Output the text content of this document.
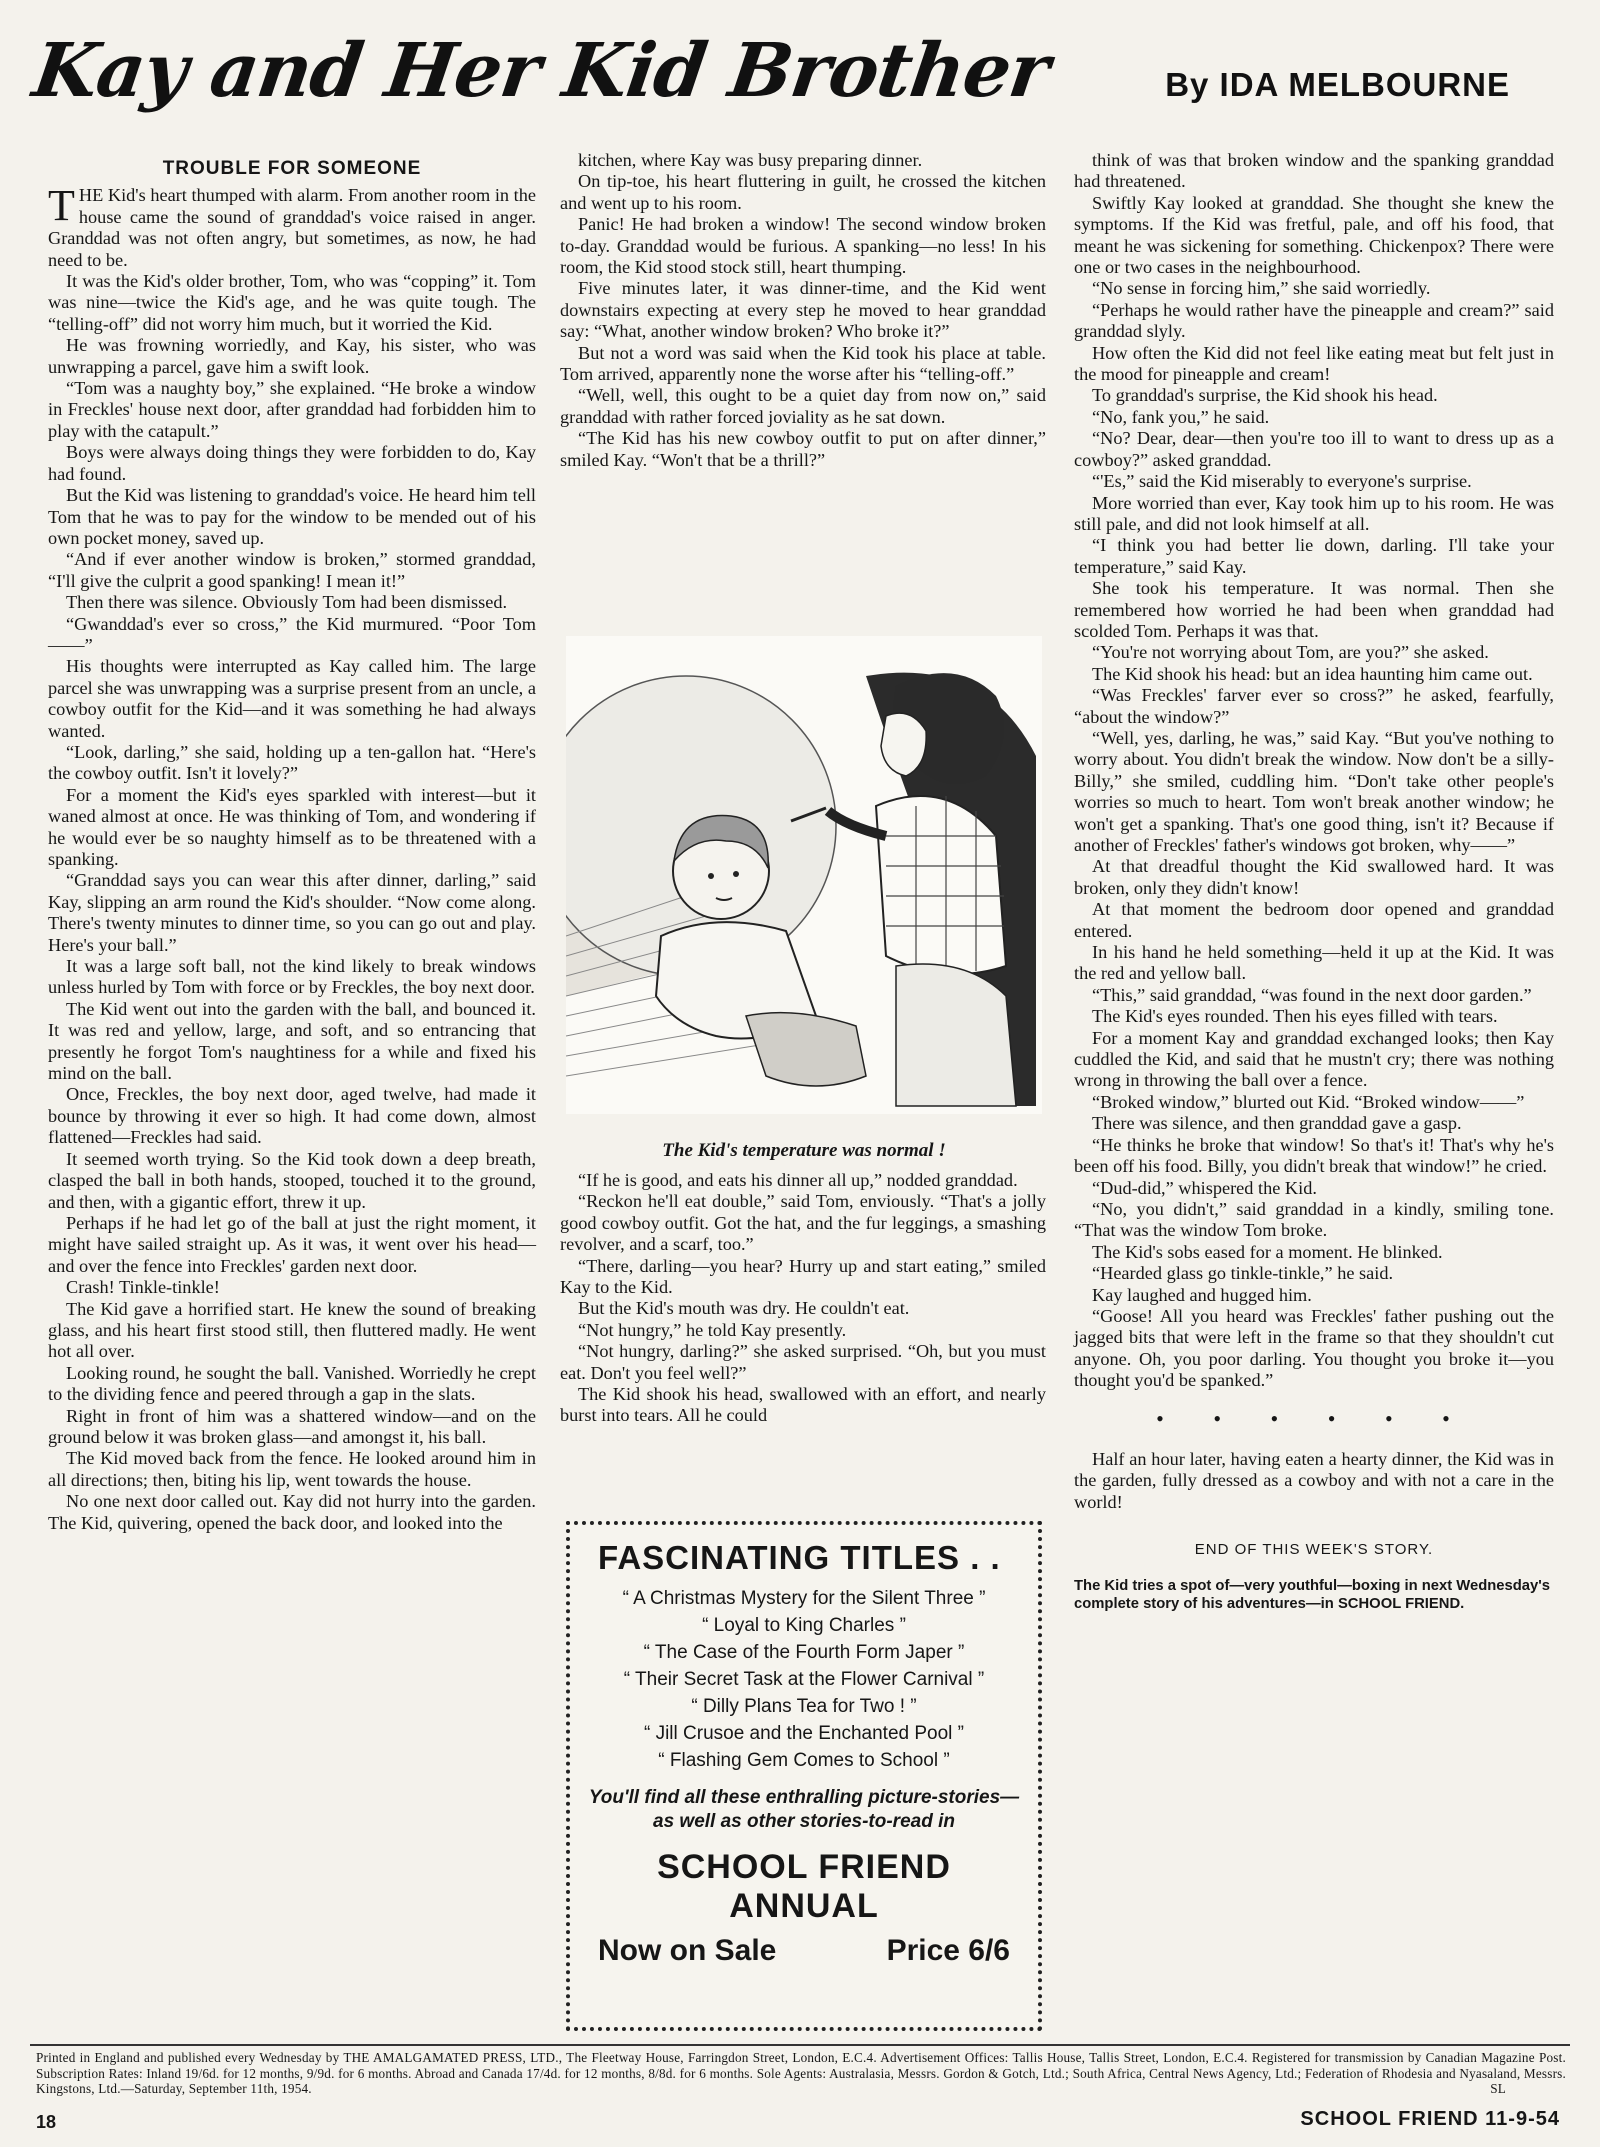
Kay and Her Kid Brother	By IDA MELBOURNE
TROUBLE FOR SOMEONE

THE Kid's heart thumped with alarm. From another room in the house came the sound of granddad's voice raised in anger. Granddad was not often angry, but sometimes, as now, he had need to be.

It was the Kid's older brother, Tom, who was “copping” it. Tom was nine—twice the Kid's age, and he was quite tough. The “telling-off” did not worry him much, but it worried the Kid.

He was frowning worriedly, and Kay, his sister, who was unwrapping a parcel, gave him a swift look.

“Tom was a naughty boy,” she explained. “He broke a window in Freckles' house next door, after granddad had forbidden him to play with the catapult.”

Boys were always doing things they were forbidden to do, Kay had found.

But the Kid was listening to granddad's voice. He heard him tell Tom that he was to pay for the window to be mended out of his own pocket money, saved up.

“And if ever another window is broken,” stormed granddad, “I'll give the culprit a good spanking! I mean it!”

Then there was silence. Obviously Tom had been dismissed.

“Gwanddad's ever so cross,” the Kid murmured. “Poor Tom——”

His thoughts were interrupted as Kay called him. The large parcel she was unwrapping was a surprise present from an uncle, a cowboy outfit for the Kid—and it was something he had always wanted.

“Look, darling,” she said, holding up a ten-gallon hat. “Here's the cowboy outfit. Isn't it lovely?”

For a moment the Kid's eyes sparkled with interest—but it waned almost at once. He was thinking of Tom, and wondering if he would ever be so naughty himself as to be threatened with a spanking.

“Granddad says you can wear this after dinner, darling,” said Kay, slipping an arm round the Kid's shoulder. “Now come along. There's twenty minutes to dinner time, so you can go out and play. Here's your ball.”

It was a large soft ball, not the kind likely to break windows unless hurled by Tom with force or by Freckles, the boy next door.

The Kid went out into the garden with the ball, and bounced it. It was red and yellow, large, and soft, and so entrancing that presently he forgot Tom's naughtiness for a while and fixed his mind on the ball.

Once, Freckles, the boy next door, aged twelve, had made it bounce by throwing it ever so high. It had come down, almost flattened—Freckles had said.

It seemed worth trying. So the Kid took down a deep breath, clasped the ball in both hands, stooped, touched it to the ground, and then, with a gigantic effort, threw it up.

Perhaps if he had let go of the ball at just the right moment, it might have sailed straight up. As it was, it went over his head—and over the fence into Freckles' garden next door.

Crash! Tinkle-tinkle!

The Kid gave a horrified start. He knew the sound of breaking glass, and his heart first stood still, then fluttered madly. He went hot all over.

Looking round, he sought the ball. Vanished. Worriedly he crept to the dividing fence and peered through a gap in the slats.

Right in front of him was a shattered window—and on the ground below it was broken glass—and amongst it, his ball.

The Kid moved back from the fence. He looked around him in all directions; then, biting his lip, went towards the house.

No one next door called out. Kay did not hurry into the garden. The Kid, quivering, opened the back door, and looked into the

kitchen, where Kay was busy preparing dinner.

On tip-toe, his heart fluttering in guilt, he crossed the kitchen and went up to his room.

Panic! He had broken a window! The second window broken to-day. Granddad would be furious. A spanking—no less! In his room, the Kid stood stock still, heart thumping.

Five minutes later, it was dinner-time, and the Kid went downstairs expecting at every step he moved to hear granddad say: “What, another window broken? Who broke it?”

But not a word was said when the Kid took his place at table. Tom arrived, apparently none the worse after his “telling-off.”

“Well, well, this ought to be a quiet day from now on,” said granddad with rather forced joviality as he sat down.

“The Kid has his new cowboy outfit to put on after dinner,” smiled Kay. “Won't that be a thrill?”

The Kid's temperature was normal !

“If he is good, and eats his dinner all up,” nodded granddad.

“Reckon he'll eat double,” said Tom, enviously. “That's a jolly good cowboy outfit. Got the hat, and the fur leggings, a smashing revolver, and a scarf, too.”

“There, darling—you hear? Hurry up and start eating,” smiled Kay to the Kid.

But the Kid's mouth was dry. He couldn't eat.

“Not hungry,” he told Kay presently.

“Not hungry, darling?” she asked surprised. “Oh, but you must eat. Don't you feel well?”

The Kid shook his head, swallowed with an effort, and nearly burst into tears. All he could

FASCINATING TITLES . .
“ A Christmas Mystery for the Silent Three ”
“ Loyal to King Charles ”
“ The Case of the Fourth Form Japer ”
“ Their Secret Task at the Flower Carnival ”
“ Dilly Plans Tea for Two ! ”
“ Jill Crusoe and the Enchanted Pool ”
“ Flashing Gem Comes to School ”
You'll find all these enthralling picture-stories—as well as other stories-to-read in
SCHOOL FRIEND ANNUAL
Now on Sale	Price 6/6

think of was that broken window and the spanking granddad had threatened.

Swiftly Kay looked at granddad. She thought she knew the symptoms. If the Kid was fretful, pale, and off his food, that meant he was sickening for something. Chickenpox? There were one or two cases in the neighbourhood.

“No sense in forcing him,” she said worriedly.

“Perhaps he would rather have the pineapple and cream?” said granddad slyly.

How often the Kid did not feel like eating meat but felt just in the mood for pineapple and cream!

To granddad's surprise, the Kid shook his head.

“No, fank you,” he said.

“No? Dear, dear—then you're too ill to want to dress up as a cowboy?” asked granddad.

“'Es,” said the Kid miserably to everyone's surprise.

More worried than ever, Kay took him up to his room. He was still pale, and did not look himself at all.

“I think you had better lie down, darling. I'll take your temperature,” said Kay.

She took his temperature. It was normal. Then she remembered how worried he had been when granddad had scolded Tom. Perhaps it was that.

“You're not worrying about Tom, are you?” she asked.

The Kid shook his head: but an idea haunting him came out.

“Was Freckles' farver ever so cross?” he asked, fearfully, “about the window?”

“Well, yes, darling, he was,” said Kay. “But you've nothing to worry about. You didn't break the window. Now don't be a silly-Billy,” she smiled, cuddling him. “Don't take other people's worries so much to heart. Tom won't break another window; he won't get a spanking. That's one good thing, isn't it? Because if another of Freckles' father's windows got broken, why——”

At that dreadful thought the Kid swallowed hard. It was broken, only they didn't know!

At that moment the bedroom door opened and granddad entered.

In his hand he held something—held it up at the Kid. It was the red and yellow ball.

“This,” said granddad, “was found in the next door garden.”

The Kid's eyes rounded. Then his eyes filled with tears.

For a moment Kay and granddad exchanged looks; then Kay cuddled the Kid, and said that he mustn't cry; there was nothing wrong in throwing the ball over a fence.

“Broked window,” blurted out Kid. “Broked window——”

There was silence, and then granddad gave a gasp.

“He thinks he broke that window! So that's it! That's why he's been off his food. Billy, you didn't break that window!” he cried.

“Dud-did,” whispered the Kid.

“No, you didn't,” said granddad in a kindly, smiling tone. “That was the window Tom broke.

The Kid's sobs eased for a moment. He blinked.

“Hearded glass go tinkle-tinkle,” he said.

Kay laughed and hugged him.

“Goose! All you heard was Freckles' father pushing out the jagged bits that were left in the frame so that they shouldn't cut anyone. Oh, you poor darling. You thought you broke it—you thought you'd be spanked.”

• • • • • •

Half an hour later, having eaten a hearty dinner, the Kid was in the garden, fully dressed as a cowboy and with not a care in the world!

END OF THIS WEEK'S STORY.
The Kid tries a spot of—very youthful—boxing in next Wednesday's complete story of his adventures—in SCHOOL FRIEND.
Printed in England and published every Wednesday by THE AMALGAMATED PRESS, LTD., The Fleetway House, Farringdon Street, London, E.C.4. Advertisement Offices: Tallis House, Tallis Street, London, E.C.4. Registered for transmission by Canadian Magazine Post. Subscription Rates: Inland 19/6d. for 12 months, 9/9d. for 6 months. Abroad and Canada 17/4d. for 12 months, 8/8d. for 6 months. Sole Agents: Australasia, Messrs. Gordon & Gotch, Ltd.; South Africa, Central News Agency, Ltd.; Federation of Rhodesia and Nyasaland, Messrs. Kingstons, Ltd.—Saturday, September 11th, 1954.	SL
18	SCHOOL FRIEND 11-9-54
